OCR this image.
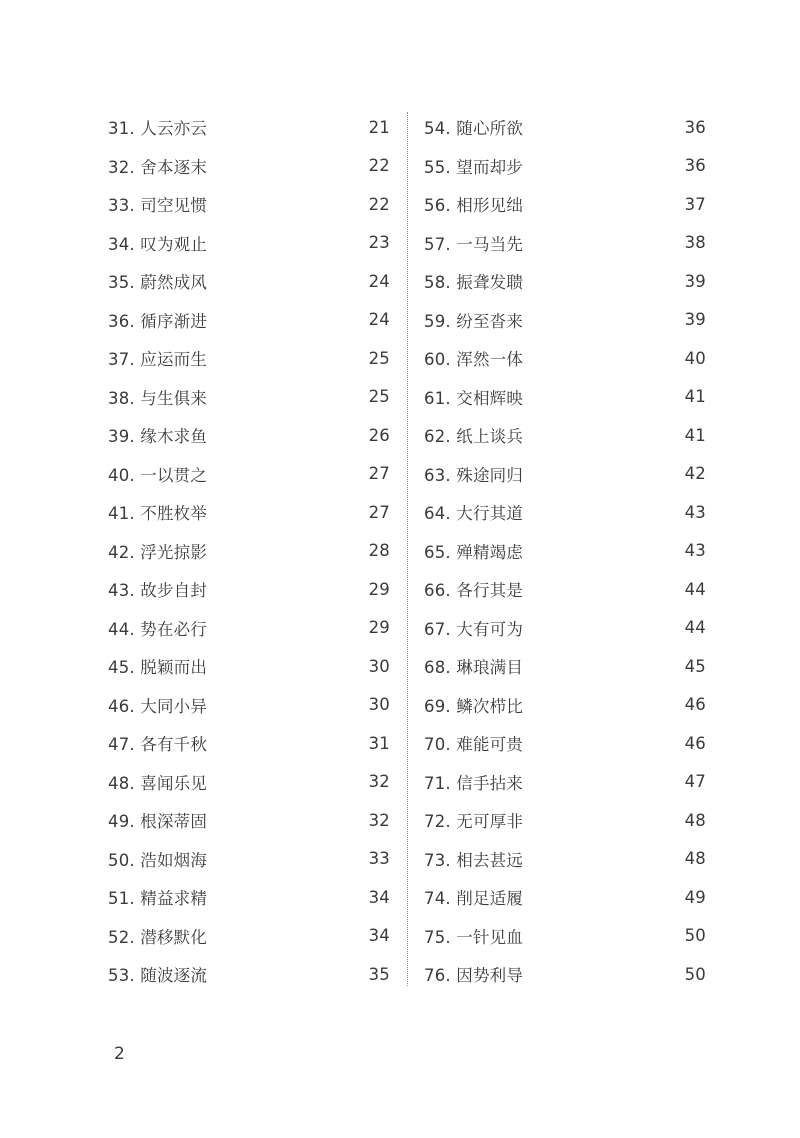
31. 人云亦云	21
32. 舍本逐末	22
33. 司空见惯	22
34. 叹为观止	23
35. 蔚然成风	24
36. 循序渐进	24
37. 应运而生	25
38. 与生俱来	25
39. 缘木求鱼	26
40. 一以贯之	27
41. 不胜枚举	27
42. 浮光掠影	28
43. 故步自封	29
44. 势在必行	29
45. 脱颖而出	30
46. 大同小异	30
47. 各有千秋	31
48. 喜闻乐见	32
49. 根深蒂固	32
50. 浩如烟海	33
51. 精益求精	34
52. 潜移默化	34
53. 随波逐流	35
54. 随心所欲	36
55. 望而却步	36
56. 相形见绌	37
57. 一马当先	38
58. 振聋发聩	39
59. 纷至沓来	39
60. 浑然一体	40
61. 交相辉映	41
62. 纸上谈兵	41
63. 殊途同归	42
64. 大行其道	43
65. 殚精竭虑	43
66. 各行其是	44
67. 大有可为	44
68. 琳琅满目	45
69. 鳞次栉比	46
70. 难能可贵	46
71. 信手拈来	47
72. 无可厚非	48
73. 相去甚远	48
74. 削足适履	49
75. 一针见血	50
76. 因势利导	50
2
